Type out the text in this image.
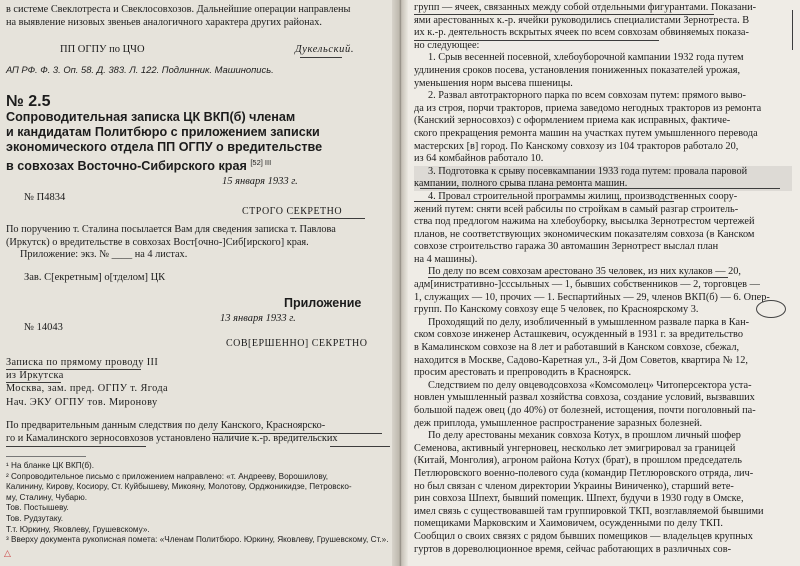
в системе Свеклотреста и Свеклосовхозов. Дальнейшие операции направлены
на выявление низовых звеньев аналогичного характера других районах.
ПП ОГПУ по ЦЧО	Дукельский.
АП РФ. Ф. 3. Оп. 58. Д. 383. Л. 122. Подлинник. Машинопись.
№ 2.5
Сопроводительная записка ЦК ВКП(б) членам
и кандидатам Политбюро с приложением записки
экономического отдела ПП ОГПУ о вредительстве
в совхозах Восточно-Сибирского края $^{[52] III}$
15 января 1933 г.
№ П4834
СТРОГО СЕКРЕТНО
По поручению т. Сталина посылается Вам для сведения записка т. Павлова
(Иркутск) о вредительстве в совхозах Вост[очно-]Сиб[ирского] края.
Приложение: экз. № ____ на 4 листах.
Зав. С[екретным] о[тделом] ЦК
Приложение
13 января 1933 г.
№ 14043
СОВ[ЕРШЕННО] СЕКРЕТНО
Записка по прямому проводу III
из Иркутска
Москва, зам. пред. ОГПУ т. Ягода
Нач. ЭКУ ОГПУ тов. Миронову
По предварительным данным следствия по делу Канского, Красноярско-
го и Камалинского зерносовхозов установлено наличие к.-р. вредительских
¹ На бланке ЦК ВКП(б).
² Сопроводительное письмо с приложением направлено: «т. Андрееву, Ворошилову,
Калинину, Кирову, Косиору, Ст. Куйбышеву, Микояну, Молотову, Орджоникидзе, Петровско-
му, Сталину, Чубарю.
Тов. Постышеву.
Тов. Рудзутаку.
Т.т. Юркину, Яковлеву, Грушевскому».
³ Вверху документа рукописная помета: «Членам Политбюро. Юркину, Яковлеву, Грушевскому, Ст.».
△
групп — ячеек, связанных между собой отдельными фигурантами. Показани-
ями арестованных к.-р. ячейки руководились специалистами Зернотреста. В
их к.-р. деятельность вскрытых ячеек по всем совхозам обвиняемых показа-
но следующее:
1. Срыв весенней посевной, хлебоуборочной кампании 1932 года путем
удлинения сроков посева, установления пониженных показателей урожая,
уменьшения норм высева пшеницы.
2. Развал автотракторного парка по всем совхозам путем: прямого выво-
да из строя, порчи тракторов, приема заведомо негодных тракторов из ремонта
(Канский зерносовхоз) с оформлением приема как исправных, фактиче-
ского прекращения ремонта машин на участках путем умышленного перевода
мастерских [в] город. По Канскому совхозу из 104 тракторов работало 20,
из 64 комбайнов работало 10.
3. Подготовка к срыву посевкампании 1933 года путем: провала паровой
кампании, полного срыва плана ремонта машин.
4. Провал строительной программы жилищ, производственных соору-
жений путем: сняти всей рабсилы по стройкам в самый разгар строитель-
ства под предлогом нажима на хлебоуборку, высылка Зернотрестом чертежей
планов, не соответствующих экономическим показателям совхоза (в Канском
совхозе строительство гаража 30 автомашин Зернотрест выслал план
на 4 машины).
По делу по всем совхозам арестовано 35 человек, из них кулаков — 20,
адм[инистративно-]сссыльных — 1, бывших собственников — 2, торговцев —
1, служащих — 10, прочих — 1. Беспартийных — 29, членов ВКП(б) — 6. Опер-
групп. По Канскому совхозу еще 5 человек, по Красноярскому 3.
Проходящий по делу, изобличенный в умышленном развале парка в Кан-
ском совхозе инженер Асташкевич, осужденный в 1931 г. за вредительство
в Камалинском совхозе на 8 лет и работавший в Канском совхозе, сбежал,
находится в Москве, Садово-Каретная ул., 3-й Дом Советов, квартира № 12,
просим арестовать и препроводить в Красноярск.
Следствием по делу овцеводсовхоза «Комсомолец» Читоперсектора уста-
новлен умышленный развал хозяйства совхоза, создание условий, вызвавших
большой падеж овец (до 40%) от болезней, истощения, почти поголовный па-
деж приплода, умышленное распространение заразных болезней.
По делу арестованы механик совхоза Котух, в прошлом личный шофер
Семенова, активный унгерновец, несколько лет эмигрировал за границей
(Китай, Монголия), агроном района Котух (брат), в прошлом председатель
Петлюровского военно-полевого суда (командир Петлюровского отряда, лич-
но был связан с членом директории Украины Виниченко), старший вете-
рин совхоза Шпехт, бывший помещик. Шпехт, будучи в 1930 году в Омске,
имел связь с существовавшей там группировкой ТКП, возглавляемой бывшими
помещиками Марковским и Хаимовичем, осужденными по делу ТКП.
Сообщил о своих связях с рядом бывших помещиков — владельцев крупных
гуртов в дореволюционное время, сейчас работающих в различных сов-
